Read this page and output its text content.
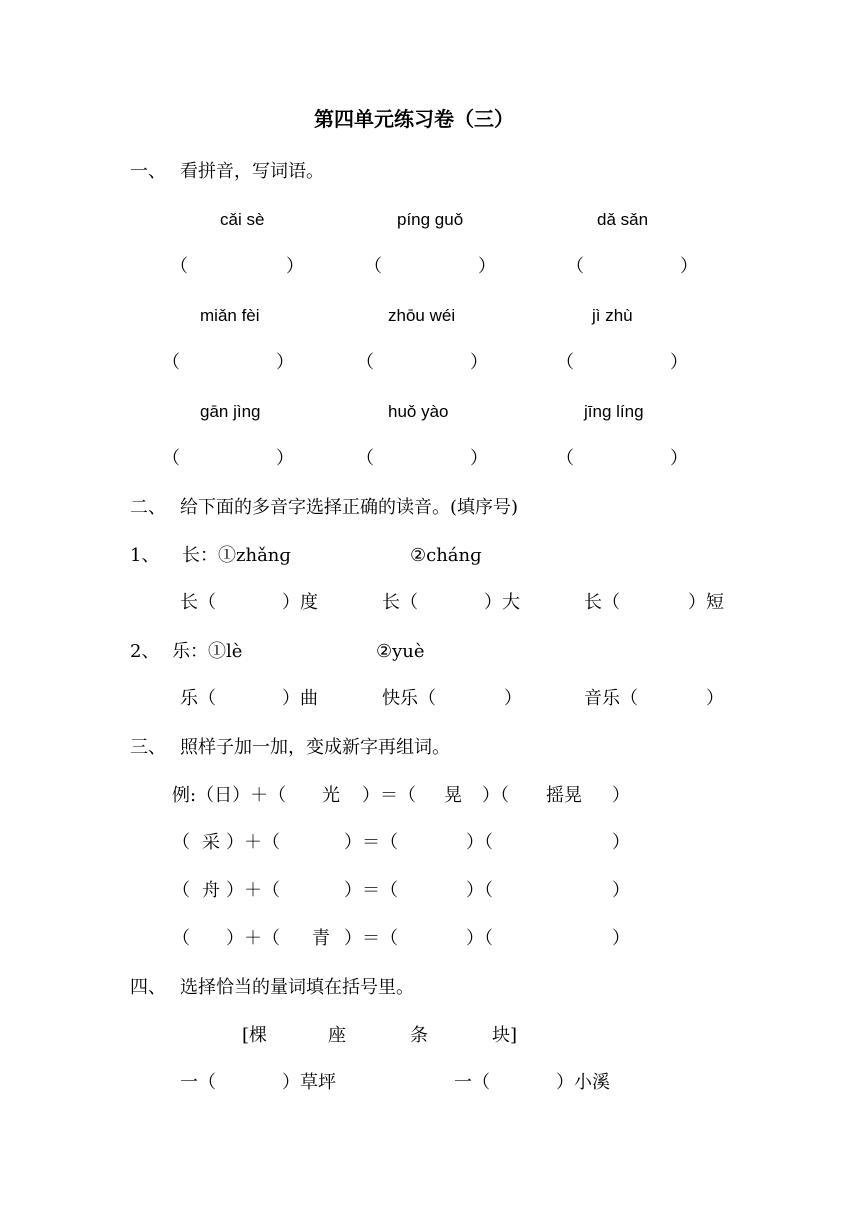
第四单元练习卷（三）
一、 看拼音，写词语。
cǎi sè	pínɡ ɡuǒ	dǎ sǎn
（	）	（	）	（	）
miǎn fèi	zhōu wéi	jì zhù
（	）	（	）	（	）
ɡān jìnɡ	huǒ yào	jīnɡ línɡ
（	）	（	）	（	）
二、 给下面的多音字选择正确的读音。(填序号)
1、 长：①zhǎnɡ	②chánɡ
长（	）度	长（	）大	长（	）短
2、 乐：①lè	②yuè
乐（	）曲	快乐（	）	音乐（	）
三、 照样子加一加，变成新字再组词。
例:（日）＋（ 光 ）＝（ 晃 ）（ 摇晃 ）
（ 采 ）＋（	）＝（	）（	）
（ 舟 ）＋（	）＝（	）（	）
（ ）＋（ 青 ）＝（	）（	）
四、 选择恰当的量词填在括号里。
[棵	座	条	块]
一（	）草坪	一（	）小溪
